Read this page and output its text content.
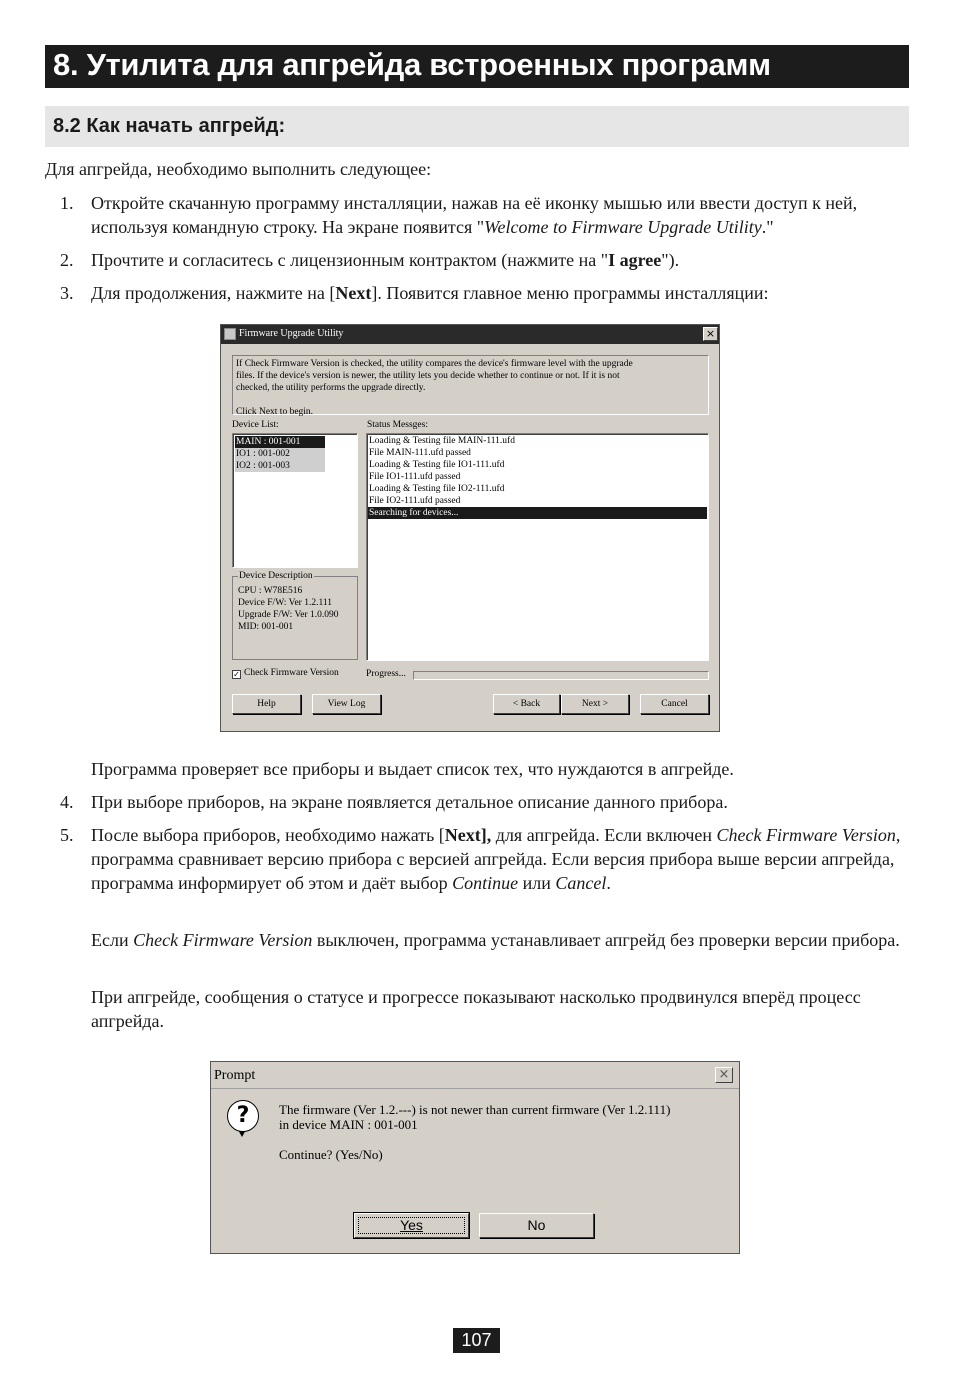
8. Утилита для апгрейда встроенных программ
8.2 Как начать апгрейд:
Для апгрейда, необходимо выполнить следующее:
1. Откройте скачанную программу инсталляции, нажав на её иконку мышью или ввести доступ к ней, используя командную строку. На экране появится "Welcome to Firmware Upgrade Utility."
2. Прочтите и согласитесь с лицензионным контрактом (нажмите на "I agree").
3. Для продолжения, нажмите на [Next]. Появится главное меню программы инсталляции:
Firmware Upgrade Utility	×
If Check Firmware Version is checked, the utility compares the device's firmware level with the upgrade
files. If the device's version is newer, the utility lets you decide whether to continue or not. If it is not
checked, the utility performs the upgrade directly.
Click Next to begin.
Device List:	Status Messges:
MAIN : 001-001
IO1 : 001-002
IO2 : 001-003
Loading & Testing file MAIN-111.ufd
File MAIN-111.ufd passed
Loading & Testing file IO1-111.ufd
File IO1-111.ufd passed
Loading & Testing file IO2-111.ufd
File IO2-111.ufd passed
Searching for devices...
Device Description
CPU : W78E516
Device F/W: Ver 1.2.111
Upgrade F/W: Ver 1.0.090
MID: 001-001
✓ Check Firmware Version	Progress...
Help	View Log	< Back	Next >	Cancel
Программа проверяет все приборы и выдает список тех, что нуждаются в апгрейде.
4. При выборе приборов, на экране появляется детальное описание данного прибора.
5. После выбора приборов, необходимо нажать [Next], для апгрейда. Если включен Check Firmware Version, программа сравнивает версию прибора с версией апгрейда. Если версия прибора выше версии апгрейда, программа информирует об этом и даёт выбор Continue или Cancel.
Если Check Firmware Version выключен, программа устанавливает апгрейд без проверки версии прибора.
При апгрейде, сообщения о статусе и прогрессе показывают насколько продвинулся вперёд процесс апгрейда.
Prompt	×
?	The firmware (Ver 1.2.---) is not newer than current firmware (Ver 1.2.111)
in device MAIN : 001-001
Continue? (Yes/No)
Yes	No
107
